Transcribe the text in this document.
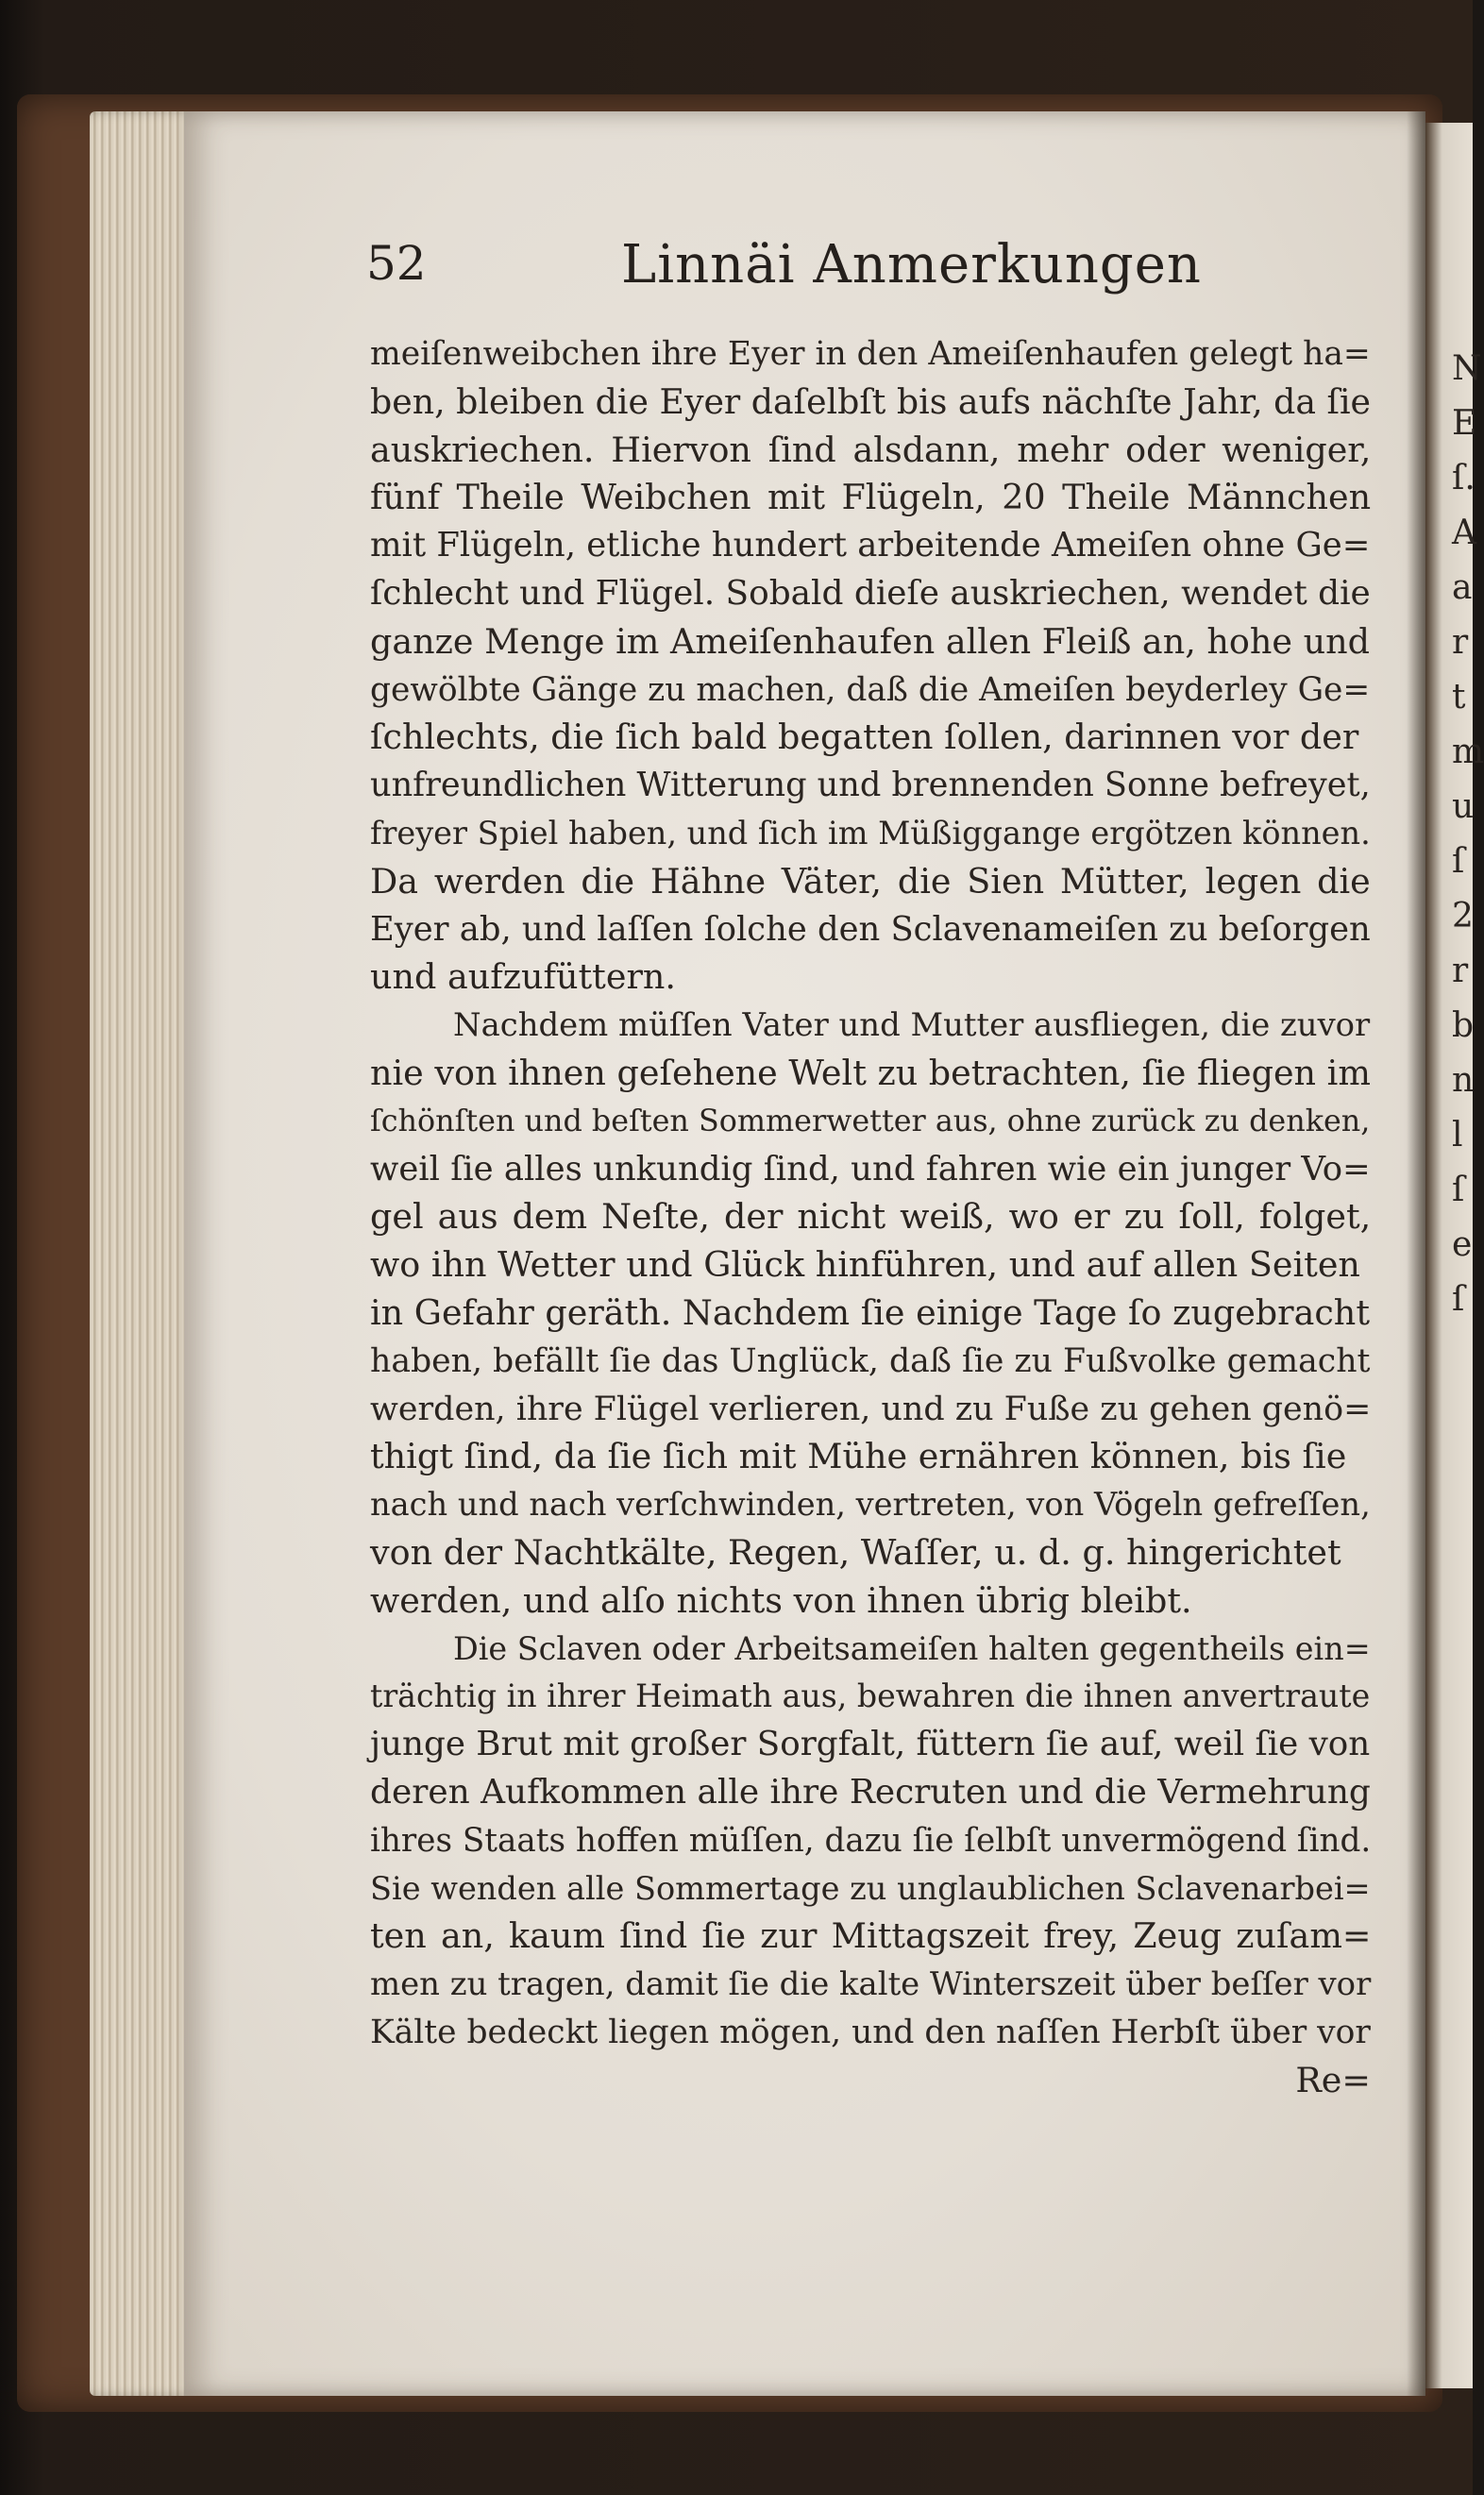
N
E
ſ.
A
a
r
t
m
u
ſ
2
r
b
n
l
ſ
e
ſ
52	Linnäi Anmerkungen
meiſenweibchen ihre Eyer in den Ameiſenhaufen gelegt ha=
ben, bleiben die Eyer daſelbſt bis aufs nächſte Jahr, da ſie
auskriechen. Hiervon ſind alsdann, mehr oder weniger,
fünf Theile Weibchen mit Flügeln, 20 Theile Männchen
mit Flügeln, etliche hundert arbeitende Ameiſen ohne Ge=
ſchlecht und Flügel. Sobald dieſe auskriechen, wendet die
ganze Menge im Ameiſenhaufen allen Fleiß an, hohe und
gewölbte Gänge zu machen, daß die Ameiſen beyderley Ge=
ſchlechts, die ſich bald begatten ſollen, darinnen vor der
unfreundlichen Witterung und brennenden Sonne befreyet,
freyer Spiel haben, und ſich im Müßiggange ergötzen können.
Da werden die Hähne Väter, die Sien Mütter, legen die
Eyer ab, und laſſen ſolche den Sclavenameiſen zu beſorgen
und aufzufüttern.
Nachdem müſſen Vater und Mutter ausfliegen, die zuvor
nie von ihnen geſehene Welt zu betrachten, ſie fliegen im
ſchönſten und beſten Sommerwetter aus, ohne zurück zu denken,
weil ſie alles unkundig ſind, und fahren wie ein junger Vo=
gel aus dem Neſte, der nicht weiß, wo er zu ſoll, folget,
wo ihn Wetter und Glück hinführen, und auf allen Seiten
in Gefahr geräth. Nachdem ſie einige Tage ſo zugebracht
haben, befällt ſie das Unglück, daß ſie zu Fußvolke gemacht
werden, ihre Flügel verlieren, und zu Fuße zu gehen genö=
thigt ſind, da ſie ſich mit Mühe ernähren können, bis ſie
nach und nach verſchwinden, vertreten, von Vögeln gefreſſen,
von der Nachtkälte, Regen, Waſſer, u. d. g. hingerichtet
werden, und alſo nichts von ihnen übrig bleibt.
Die Sclaven oder Arbeitsameiſen halten gegentheils ein=
trächtig in ihrer Heimath aus, bewahren die ihnen anvertraute
junge Brut mit großer Sorgfalt, füttern ſie auf, weil ſie von
deren Aufkommen alle ihre Recruten und die Vermehrung
ihres Staats hoffen müſſen, dazu ſie ſelbſt unvermögend ſind.
Sie wenden alle Sommertage zu unglaublichen Sclavenarbei=
ten an, kaum ſind ſie zur Mittagszeit frey, Zeug zuſam=
men zu tragen, damit ſie die kalte Winterszeit über beſſer vor
Kälte bedeckt liegen mögen, und den naſſen Herbſt über vor
Re=
